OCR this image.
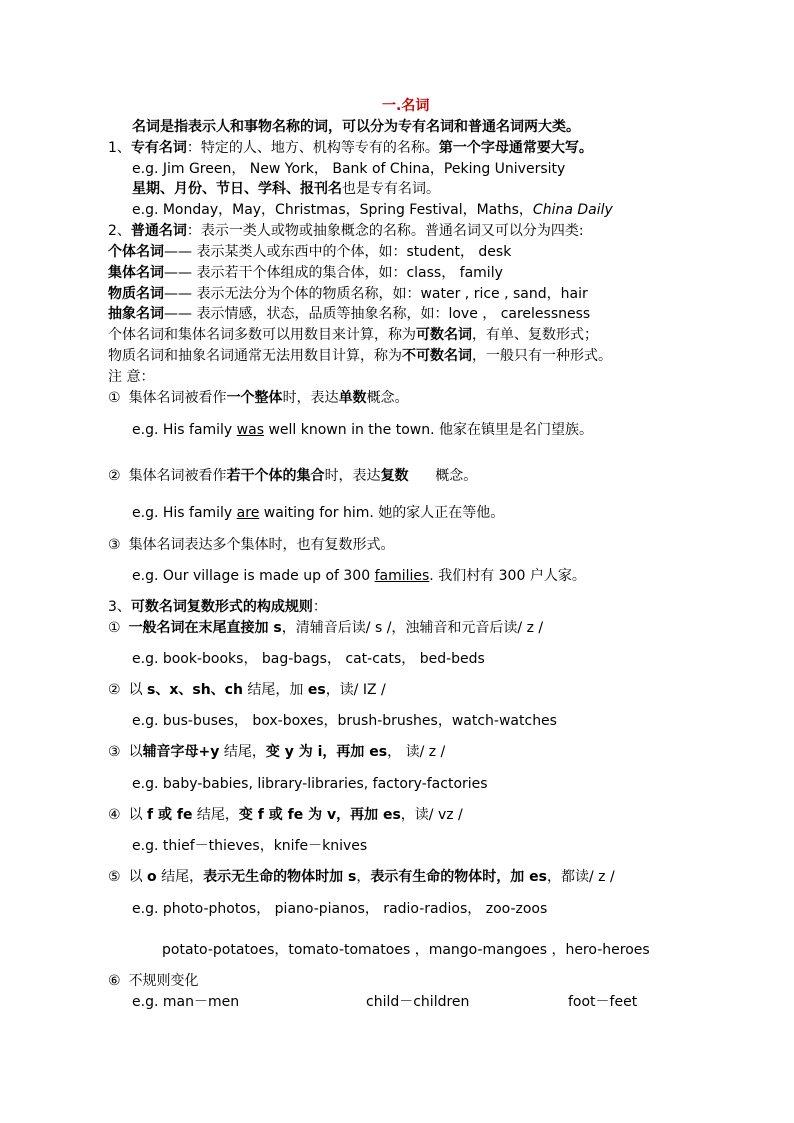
一.名词
名词是指表示人和事物名称的词，可以分为专有名词和普通名词两大类。
1、专有名词：特定的人、地方、机构等专有的名称。第一个字母通常要大写。
e.g. Jim Green， New York， Bank of China，Peking University
星期、月份、节日、学科、报刊名也是专有名词。
e.g. Monday，May，Christmas，Spring Festival，Maths，China Daily
2、普通名词：表示一类人或物或抽象概念的名称。普通名词又可以分为四类:
个体名词—— 表示某类人或东西中的个体，如：student， desk
集体名词—— 表示若干个体组成的集合体，如：class， family
物质名词—— 表示无法分为个体的物质名称，如：water , rice , sand，hair
抽象名词—— 表示情感，状态，品质等抽象名称，如：love ， carelessness
个体名词和集体名词多数可以用数目来计算，称为可数名词，有单、复数形式；
物质名词和抽象名词通常无法用数目计算，称为不可数名词，一般只有一种形式。
注 意：
① 集体名词被看作一个整体时，表达单数概念。
e.g. His family was well known in the town. 他家在镇里是名门望族。
② 集体名词被看作若干个体的集合时，表达复数      概念。
e.g. His family are waiting for him. 她的家人正在等他。
③ 集体名词表达多个集体时，也有复数形式。
e.g. Our village is made up of 300 families. 我们村有 300 户人家。
3、可数名词复数形式的构成规则：
① 一般名词在末尾直接加 s，清辅音后读/ s /，浊辅音和元音后读/ z /
e.g. book-books， bag-bags， cat-cats， bed-beds
② 以 s、x、sh、ch 结尾，加 es，读/ IZ /
e.g. bus-buses， box-boxes，brush-brushes，watch-watches
③ 以辅音字母+y 结尾，变 y 为 i，再加 es， 读/ z /
e.g. baby-babies, library-libraries, factory-factories
④ 以 f 或 fe 结尾，变 f 或 fe 为 v，再加 es，读/ vz /
e.g. thief－thieves，knife－knives
⑤ 以 o 结尾，表示无生命的物体时加 s，表示有生命的物体时，加 es，都读/ z /
e.g. photo-photos， piano-pianos， radio-radios， zoo-zoos
potato-potatoes，tomato-tomatoes ，mango-mangoes ，hero-heroes
⑥ 不规则变化
e.g. man－men	child－children	foot－feet
